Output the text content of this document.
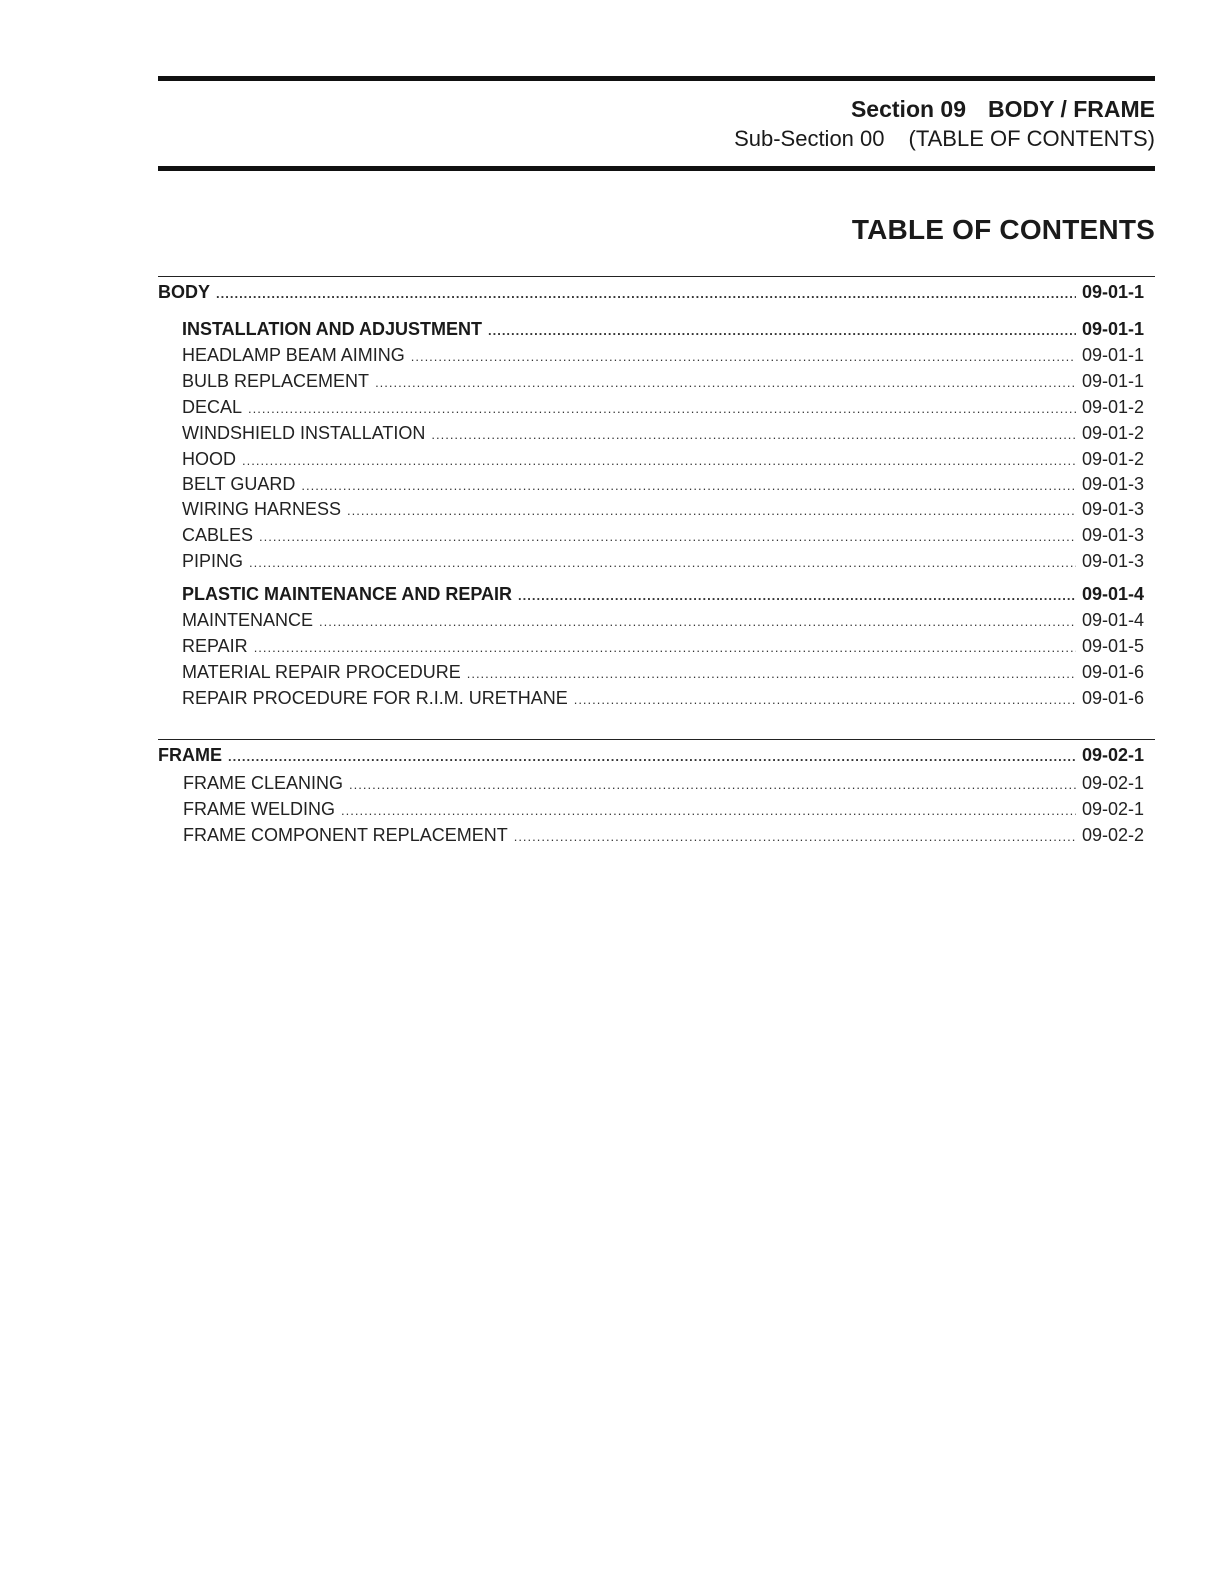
Section 09 BODY / FRAME
Sub-Section 00 (TABLE OF CONTENTS)
TABLE OF CONTENTS
BODY .....	09-01-1
INSTALLATION AND ADJUSTMENT .....	09-01-1
HEADLAMP BEAM AIMING .....	09-01-1
BULB REPLACEMENT .....	09-01-1
DECAL .....	09-01-2
WINDSHIELD INSTALLATION .....	09-01-2
HOOD .....	09-01-2
BELT GUARD .....	09-01-3
WIRING HARNESS .....	09-01-3
CABLES .....	09-01-3
PIPING .....	09-01-3
PLASTIC MAINTENANCE AND REPAIR .....	09-01-4
MAINTENANCE .....	09-01-4
REPAIR .....	09-01-5
MATERIAL REPAIR PROCEDURE .....	09-01-6
REPAIR PROCEDURE FOR R.I.M. URETHANE .....	09-01-6
FRAME .....	09-02-1
FRAME CLEANING .....	09-02-1
FRAME WELDING .....	09-02-1
FRAME COMPONENT REPLACEMENT .....	09-02-2
